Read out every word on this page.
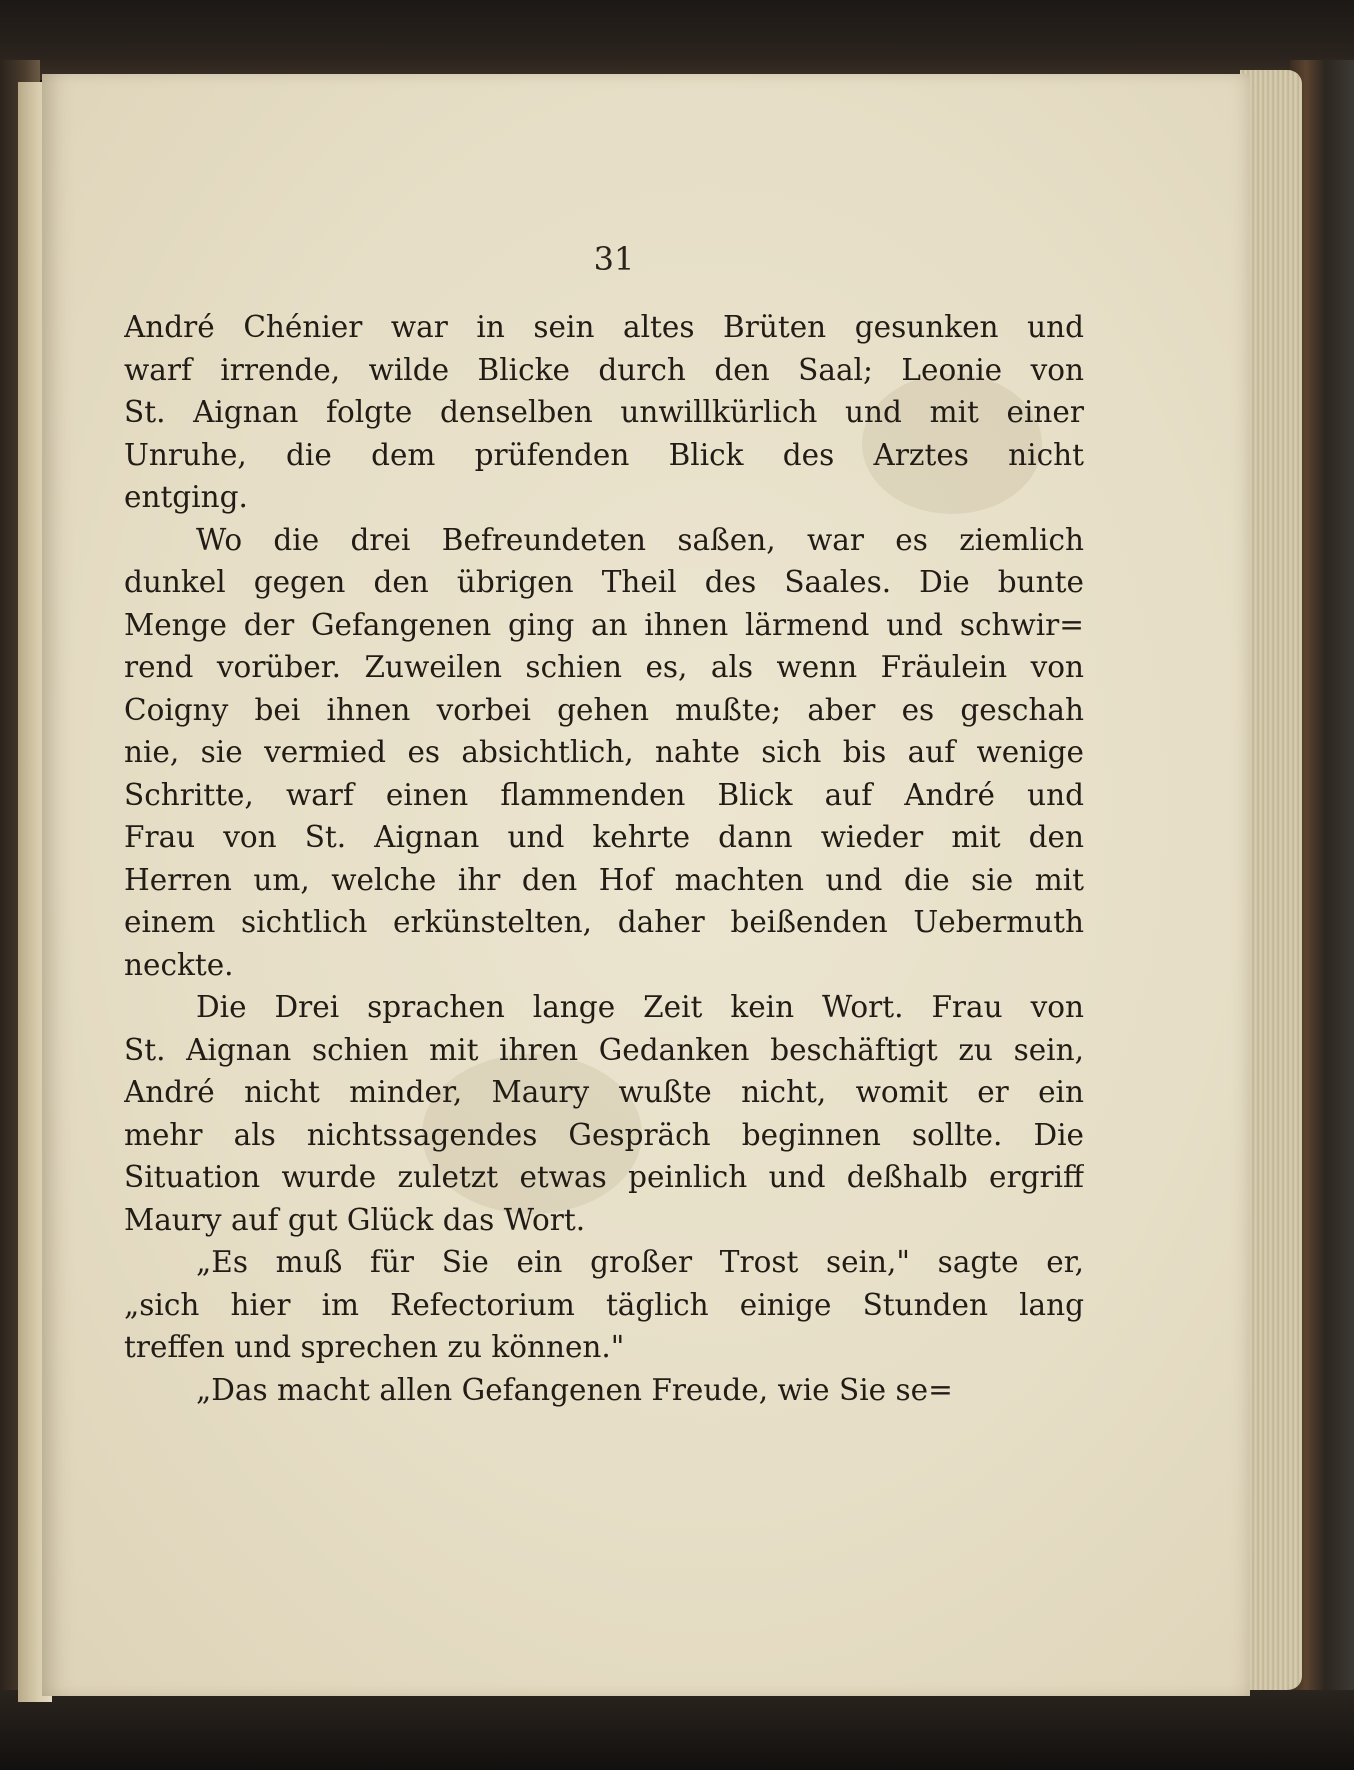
31
André Chénier war in sein altes Brüten gesunken und
warf irrende, wilde Blicke durch den Saal; Leonie von
St. Aignan folgte denselben unwillkürlich und mit einer
Unruhe, die dem prüfenden Blick des Arztes nicht
entging.
Wo die drei Befreundeten saßen, war es ziemlich
dunkel gegen den übrigen Theil des Saales. Die bunte
Menge der Gefangenen ging an ihnen lärmend und schwir=
rend vorüber. Zuweilen schien es, als wenn Fräulein von
Coigny bei ihnen vorbei gehen mußte; aber es geschah
nie, sie vermied es absichtlich, nahte sich bis auf wenige
Schritte, warf einen flammenden Blick auf André und
Frau von St. Aignan und kehrte dann wieder mit den
Herren um, welche ihr den Hof machten und die sie mit
einem sichtlich erkünstelten, daher beißenden Uebermuth
neckte.
Die Drei sprachen lange Zeit kein Wort. Frau von
St. Aignan schien mit ihren Gedanken beschäftigt zu sein,
André nicht minder, Maury wußte nicht, womit er ein
mehr als nichtssagendes Gespräch beginnen sollte. Die
Situation wurde zuletzt etwas peinlich und deßhalb ergriff
Maury auf gut Glück das Wort.
„Es muß für Sie ein großer Trost sein," sagte er,
„sich hier im Refectorium täglich einige Stunden lang
treffen und sprechen zu können."
„Das macht allen Gefangenen Freude, wie Sie se=
